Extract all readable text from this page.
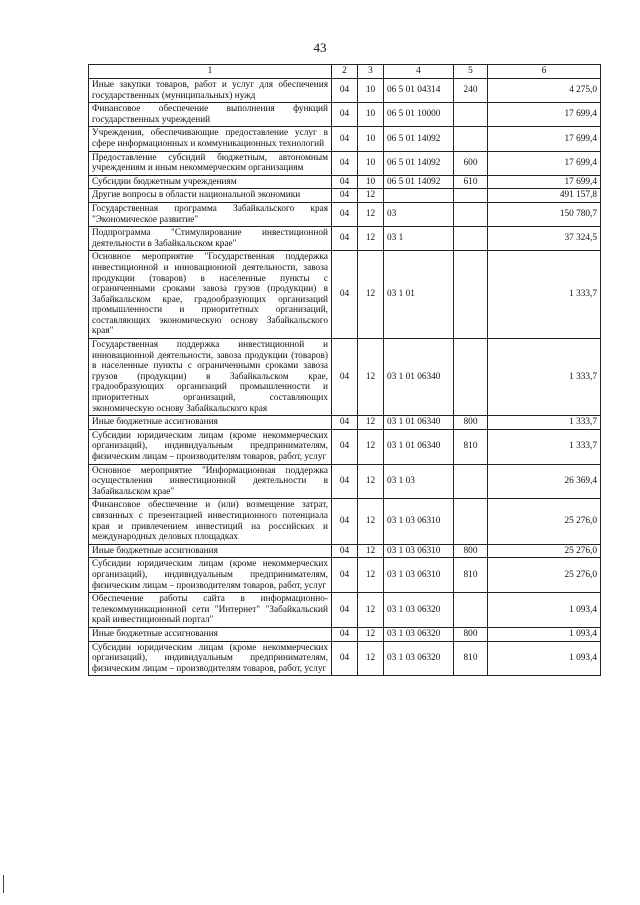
43
1	2	3	4	5	6
Иные закупки товаров, работ и услуг для обеспечения государственных (муниципальных) нужд	04	10	06 5 01 04314	240	4 275,0
Финансовое обеспечение выполнения функций государственных учреждений	04	10	06 5 01 10000		17 699,4
Учреждения, обеспечивающие предоставление услуг в сфере информационных и коммуникационных технологий	04	10	06 5 01 14092		17 699,4
Предоставление субсидий бюджетным, автономным учреждениям и иным некоммерческим организациям	04	10	06 5 01 14092	600	17 699,4
Субсидии бюджетным учреждениям	04	10	06 5 01 14092	610	17 699,4
Другие вопросы в области национальной экономики	04	12			491 157,8
Государственная программа Забайкальского края "Экономическое развитие"	04	12	03		150 780,7
Подпрограмма "Стимулирование инвестиционной деятельности в Забайкальском крае"	04	12	03 1		37 324,5
Основное мероприятие "Государственная поддержка инвестиционной и инновационной деятельности, завоза продукции (товаров) в населенные пункты с ограниченными сроками завоза грузов (продукции) в Забайкальском крае, градообразующих организаций промышленности и приоритетных организаций, составляющих экономическую основу Забайкальского края"	04	12	03 1 01		1 333,7
Государственная поддержка инвестиционной и инновационной деятельности, завоза продукции (товаров) в населенные пункты с ограниченными сроками завоза грузов (продукции) в Забайкальском крае, градообразующих организаций промышленности и приоритетных организаций, составляющих экономическую основу Забайкальского края	04	12	03 1 01 06340		1 333,7
Иные бюджетные ассигнования	04	12	03 1 01 06340	800	1 333,7
Субсидии юридическим лицам (кроме некоммерческих организаций), индивидуальным предпринимателям, физическим лицам – производителям товаров, работ, услуг	04	12	03 1 01 06340	810	1 333,7
Основное мероприятие "Информационная поддержка осуществления инвестиционной деятельности в Забайкальском крае"	04	12	03 1 03		26 369,4
Финансовое обеспечение и (или) возмещение затрат, связанных с презентацией инвестиционного потенциала края и привлечением инвестиций на российских и международных деловых площадках	04	12	03 1 03 06310		25 276,0
Иные бюджетные ассигнования	04	12	03 1 03 06310	800	25 276,0
Субсидии юридическим лицам (кроме некоммерческих организаций), индивидуальным предпринимателям, физическим лицам – производителям товаров, работ, услуг	04	12	03 1 03 06310	810	25 276,0
Обеспечение работы сайта в информационно-телекоммуникационной сети "Интернет" "Забайкальский край инвестиционный портал"	04	12	03 1 03 06320		1 093,4
Иные бюджетные ассигнования	04	12	03 1 03 06320	800	1 093,4
Субсидии юридическим лицам (кроме некоммерческих организаций), индивидуальным предпринимателям, физическим лицам – производителям товаров, работ, услуг	04	12	03 1 03 06320	810	1 093,4
